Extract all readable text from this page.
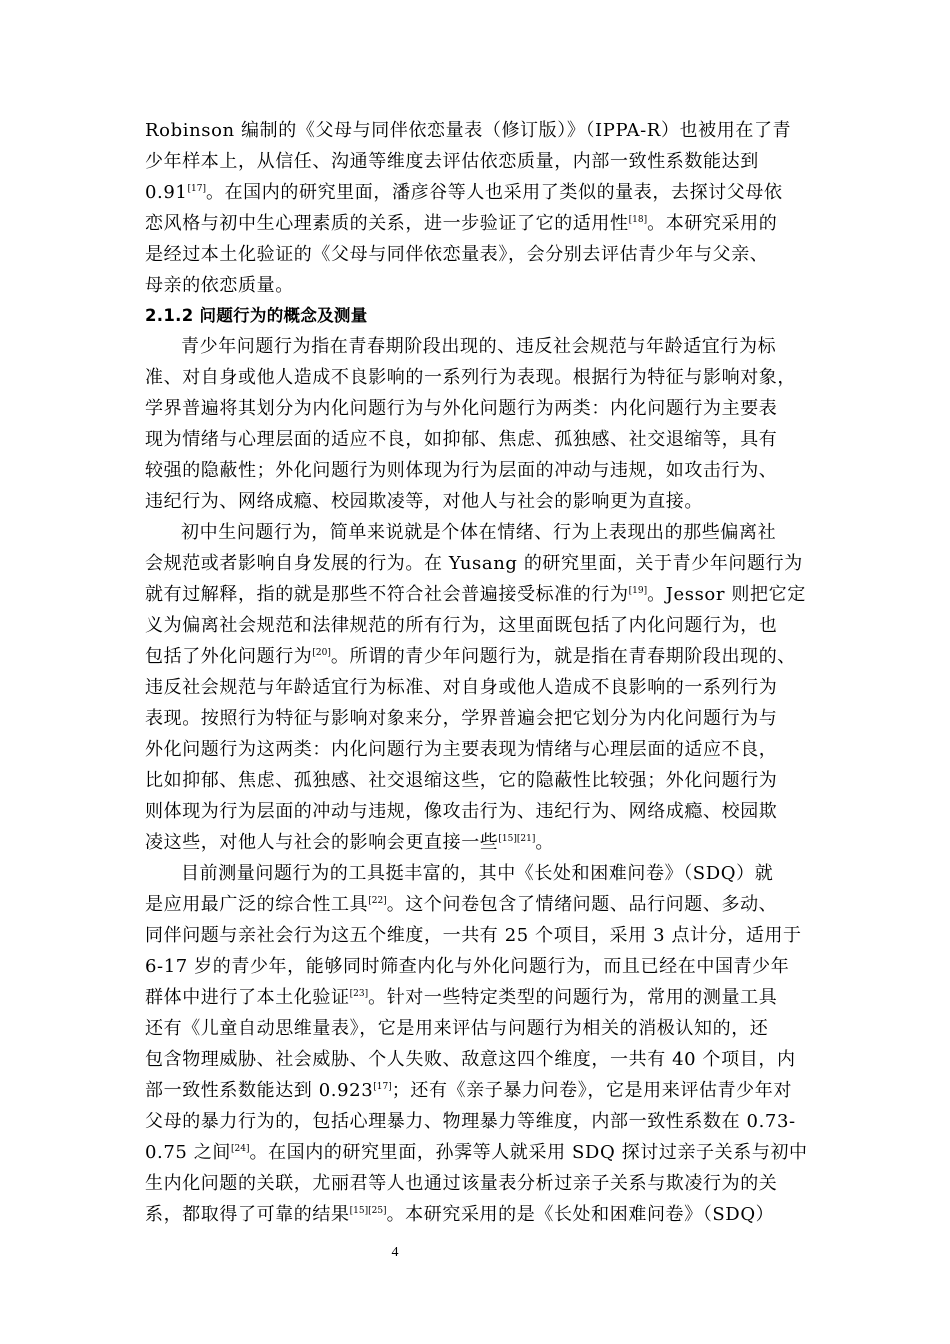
Robinson 编制的《父母与同伴依恋量表（修订版）》（IPPA-R）也被用在了青
少年样本上，从信任、沟通等维度去评估依恋质量，内部一致性系数能达到
0.91[17]。在国内的研究里面，潘彦谷等人也采用了类似的量表，去探讨父母依
恋风格与初中生心理素质的关系，进一步验证了它的适用性[18]。本研究采用的
是经过本土化验证的《父母与同伴依恋量表》，会分别去评估青少年与父亲、
母亲的依恋质量。
2.1.2 问题行为的概念及测量
青少年问题行为指在青春期阶段出现的、违反社会规范与年龄适宜行为标
准、对自身或他人造成不良影响的一系列行为表现。根据行为特征与影响对象，
学界普遍将其划分为内化问题行为与外化问题行为两类：内化问题行为主要表
现为情绪与心理层面的适应不良，如抑郁、焦虑、孤独感、社交退缩等，具有
较强的隐蔽性；外化问题行为则体现为行为层面的冲动与违规，如攻击行为、
违纪行为、网络成瘾、校园欺凌等，对他人与社会的影响更为直接。
初中生问题行为，简单来说就是个体在情绪、行为上表现出的那些偏离社
会规范或者影响自身发展的行为。在 Yusang 的研究里面，关于青少年问题行为
就有过解释，指的就是那些不符合社会普遍接受标准的行为[19]。Jessor 则把它定
义为偏离社会规范和法律规范的所有行为，这里面既包括了内化问题行为，也
包括了外化问题行为[20]。所谓的青少年问题行为，就是指在青春期阶段出现的、
违反社会规范与年龄适宜行为标准、对自身或他人造成不良影响的一系列行为
表现。按照行为特征与影响对象来分，学界普遍会把它划分为内化问题行为与
外化问题行为这两类：内化问题行为主要表现为情绪与心理层面的适应不良，
比如抑郁、焦虑、孤独感、社交退缩这些，它的隐蔽性比较强；外化问题行为
则体现为行为层面的冲动与违规，像攻击行为、违纪行为、网络成瘾、校园欺
凌这些，对他人与社会的影响会更直接一些[15][21]。
目前测量问题行为的工具挺丰富的，其中《长处和困难问卷》（SDQ）就
是应用最广泛的综合性工具[22]。这个问卷包含了情绪问题、品行问题、多动、
同伴问题与亲社会行为这五个维度，一共有 25 个项目，采用 3 点计分，适用于
6-17 岁的青少年，能够同时筛查内化与外化问题行为，而且已经在中国青少年
群体中进行了本土化验证[23]。针对一些特定类型的问题行为，常用的测量工具
还有《儿童自动思维量表》，它是用来评估与问题行为相关的消极认知的，还
包含物理威胁、社会威胁、个人失败、敌意这四个维度，一共有 40 个项目，内
部一致性系数能达到 0.923[17]；还有《亲子暴力问卷》，它是用来评估青少年对
父母的暴力行为的，包括心理暴力、物理暴力等维度，内部一致性系数在 0.73-
0.75 之间[24]。在国内的研究里面，孙霁等人就采用 SDQ 探讨过亲子关系与初中
生内化问题的关联，尤丽君等人也通过该量表分析过亲子关系与欺凌行为的关
系，都取得了可靠的结果[15][25]。本研究采用的是《长处和困难问卷》（SDQ）
4
